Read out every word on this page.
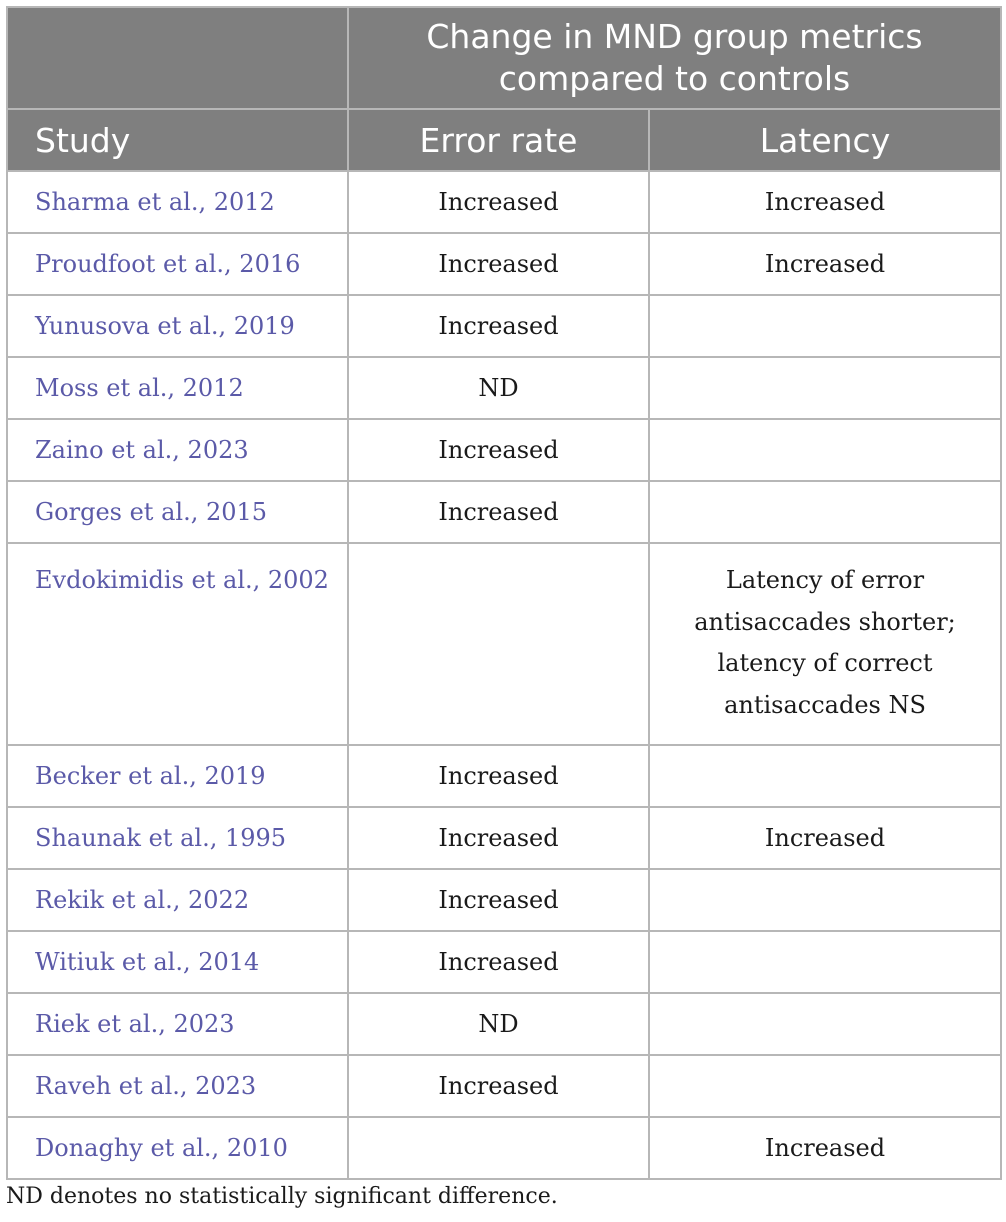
	Change in MND group metrics compared to controls	
Study	Error rate	Latency
Sharma et al., 2012	Increased	Increased
Proudfoot et al., 2016	Increased	Increased
Yunusova et al., 2019	Increased	
Moss et al., 2012	ND	
Zaino et al., 2023	Increased	
Gorges et al., 2015	Increased	
Evdokimidis et al., 2002		Latency of error antisaccades shorter; latency of correct antisaccades NS
Becker et al., 2019	Increased	
Shaunak et al., 1995	Increased	Increased
Rekik et al., 2022	Increased	
Witiuk et al., 2014	Increased	
Riek et al., 2023	ND	
Raveh et al., 2023	Increased	
Donaghy et al., 2010		Increased
ND denotes no statistically significant difference.
